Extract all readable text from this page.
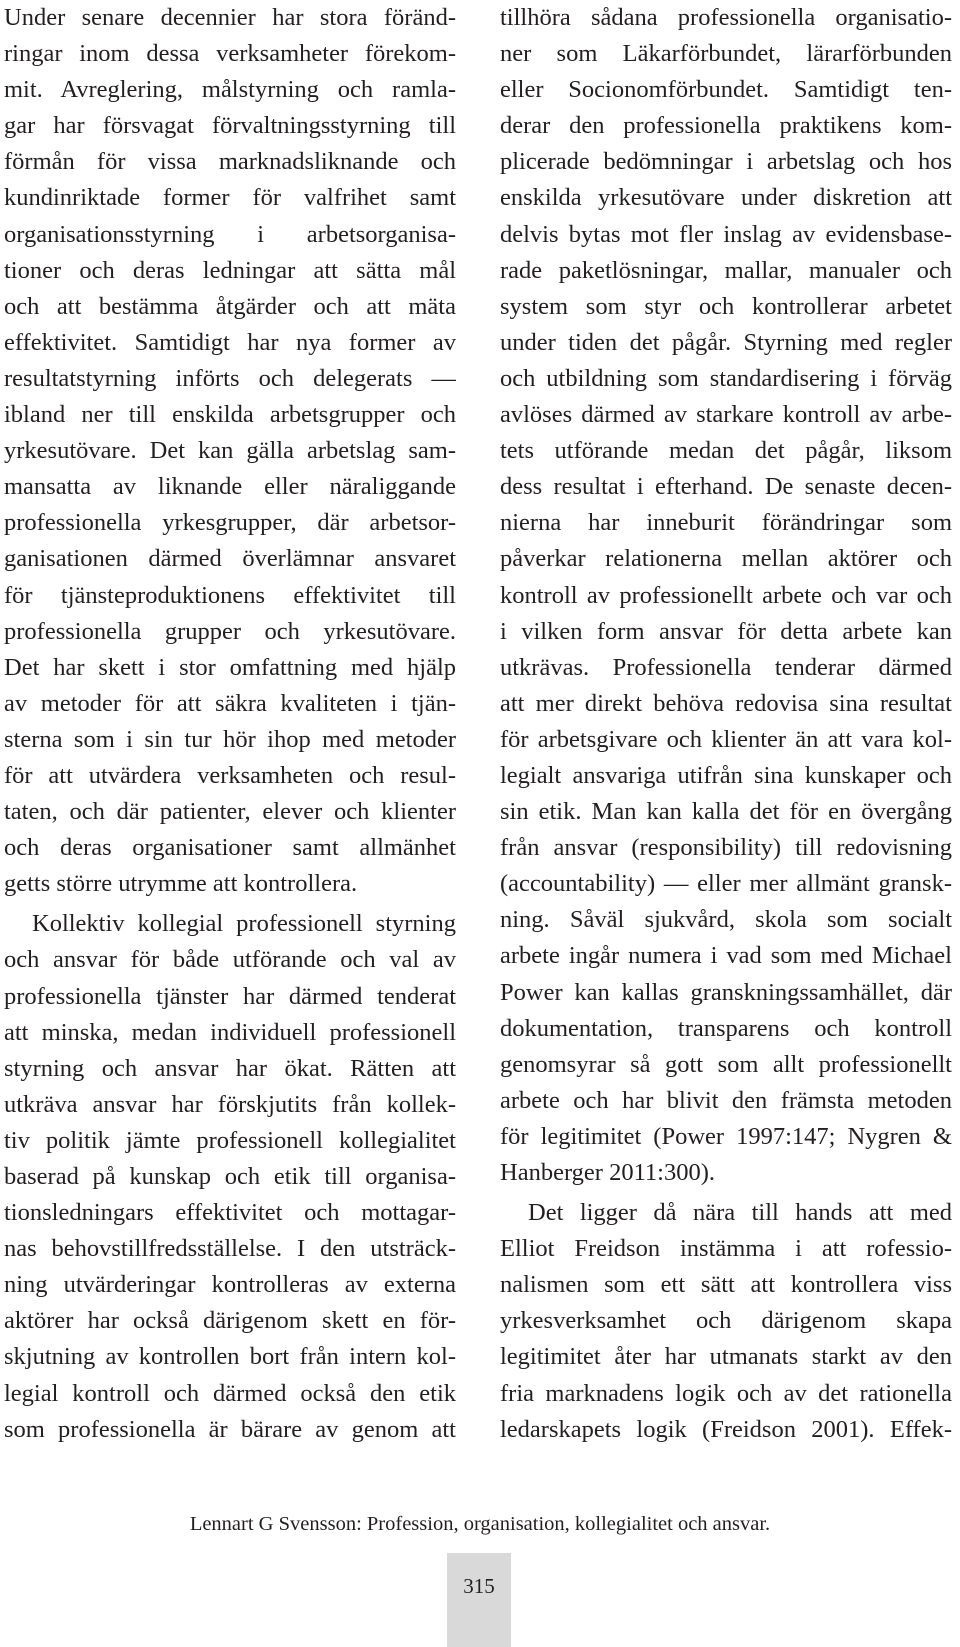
Under senare decennier har stora föränd-
ringar inom dessa verksamheter förekom-
mit. Avreglering, målstyrning och ramla-
gar har försvagat förvaltningsstyrning till
förmån för vissa marknadsliknande och
kundinriktade former för valfrihet samt
organisationsstyrning i arbetsorganisa-
tioner och deras ledningar att sätta mål
och att bestämma åtgärder och att mäta
effektivitet. Samtidigt har nya former av
resultatstyrning införts och delegerats —
ibland ner till enskilda arbetsgrupper och
yrkesutövare. Det kan gälla arbetslag sam-
mansatta av liknande eller näraliggande
professionella yrkesgrupper, där arbetsor-
ganisationen därmed överlämnar ansvaret
för tjänsteproduktionens effektivitet till
professionella grupper och yrkesutövare.
Det har skett i stor omfattning med hjälp
av metoder för att säkra kvaliteten i tjän-
sterna som i sin tur hör ihop med metoder
för att utvärdera verksamheten och resul-
taten, och där patienter, elever och klienter
och deras organisationer samt allmänhet
getts större utrymme att kontrollera.
Kollektiv kollegial professionell styrning
och ansvar för både utförande och val av
professionella tjänster har därmed tenderat
att minska, medan individuell professionell
styrning och ansvar har ökat. Rätten att
utkräva ansvar har förskjutits från kollek-
tiv politik jämte professionell kollegialitet
baserad på kunskap och etik till organisa-
tionsledningars effektivitet och mottagar-
nas behovstillfredsställelse. I den utsträck-
ning utvärderingar kontrolleras av externa
aktörer har också därigenom skett en för-
skjutning av kontrollen bort från intern kol-
legial kontroll och därmed också den etik
som professionella är bärare av genom att
tillhöra sådana professionella organisatio-
ner som Läkarförbundet, lärarförbunden
eller Socionomförbundet. Samtidigt ten-
derar den professionella praktikens kom-
plicerade bedömningar i arbetslag och hos
enskilda yrkesutövare under diskretion att
delvis bytas mot fler inslag av evidensbase-
rade paketlösningar, mallar, manualer och
system som styr och kontrollerar arbetet
under tiden det pågår. Styrning med regler
och utbildning som standardisering i förväg
avlöses därmed av starkare kontroll av arbe-
tets utförande medan det pågår, liksom
dess resultat i efterhand. De senaste decen-
nierna har inneburit förändringar som
påverkar relationerna mellan aktörer och
kontroll av professionellt arbete och var och
i vilken form ansvar för detta arbete kan
utkrävas. Professionella tenderar därmed
att mer direkt behöva redovisa sina resultat
för arbetsgivare och klienter än att vara kol-
legialt ansvariga utifrån sina kunskaper och
sin etik. Man kan kalla det för en övergång
från ansvar (responsibility) till redovisning
(accountability) — eller mer allmänt gransk-
ning. Såväl sjukvård, skola som socialt
arbete ingår numera i vad som med Michael
Power kan kallas granskningssamhället, där
dokumentation, transparens och kontroll
genomsyrar så gott som allt professionellt
arbete och har blivit den främsta metoden
för legitimitet (Power 1997:147; Nygren &
Hanberger 2011:300).
Det ligger då nära till hands att med
Elliot Freidson instämma i att rofessio-
nalismen som ett sätt att kontrollera viss
yrkesverksamhet och därigenom skapa
legitimitet åter har utmanats starkt av den
fria marknadens logik och av det rationella
ledarskapets logik (Freidson 2001). Effek-
Lennart G Svensson: Profession, organisation, kollegialitet och ansvar.
315
